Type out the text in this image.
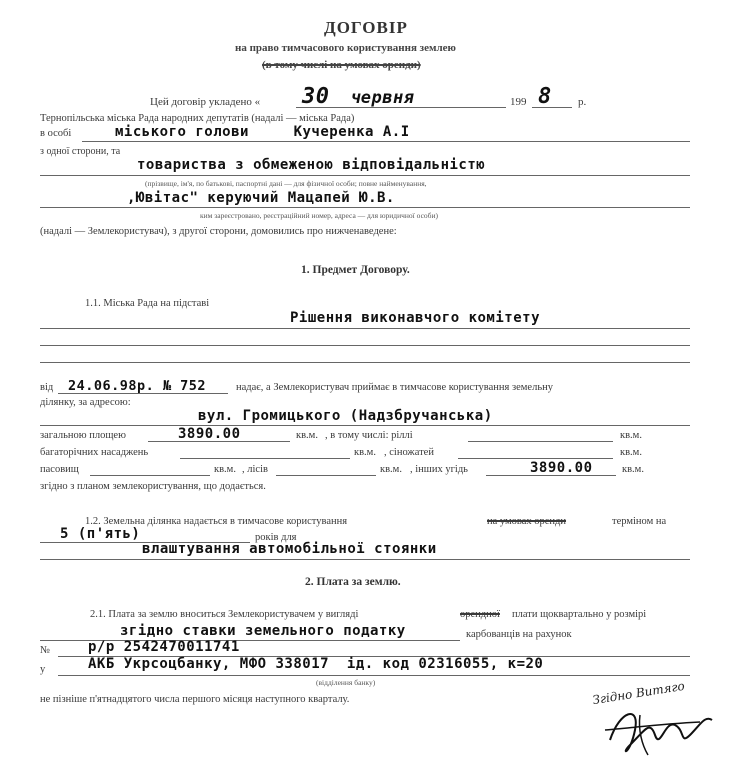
ДОГОВІР
на право тимчасового користування землею
(в тому числі на умовах оренди)
Цей договір укладено « 30 червня	199 8 р.
Тернопільська міська Рада народних депутатів (надалі — міська Рада)
в особі	міського голови     Кучеренка А.І
з одної сторони, та
товариства з обмеженою відповідальністю
(прізвище, ім'я, по батькові, паспортні дані — для фізичної особи; повне найменування,
,Ювітас" керуючий Мацапей Ю.В.
ким зареєстровано, реєстраційний номер, адреса — для юридичної особи)
(надалі — Землекористувач), з другої сторони, домовились про нижченаведене:
1. Предмет Договору.
1.1. Міська Рада на підставі
Рішення виконавчого комітету
від 24.06.98р. № 752	надає, а Землекористувач приймає в тимчасове користування земельну
ділянку, за адресою:
вул. Громицького (Надзбручанська)
загальною площею	3890.00	кв.м. , в тому числі: ріллі	кв.м.
багаторічних насаджень	кв.м. , сіножатей	кв.м.
пасовищ	кв.м. , лісів	кв.м. , інших угідь	3890.00	кв.м.
згідно з планом землекористування, що додається.
1.2. Земельна ділянка надається в тимчасове користування	на умовах оренди	терміном на
5 (п'ять)	років для
влаштування автомобільної стоянки
2. Плата за землю.
2.1. Плата за землю вноситься Землекористувачем у вигляді	орендної плати щоквартально у розмірі
згідно ставки земельного податку	карбованців на рахунок
№	р/р 2542470011741
у	АКБ Укрсоцбанку, МФО 338017  ід. код 02316055, к=20
(відділення банку)
не пізніше п'ятнадцятого числа першого місяця наступного кварталу.	Згідно Витяго
